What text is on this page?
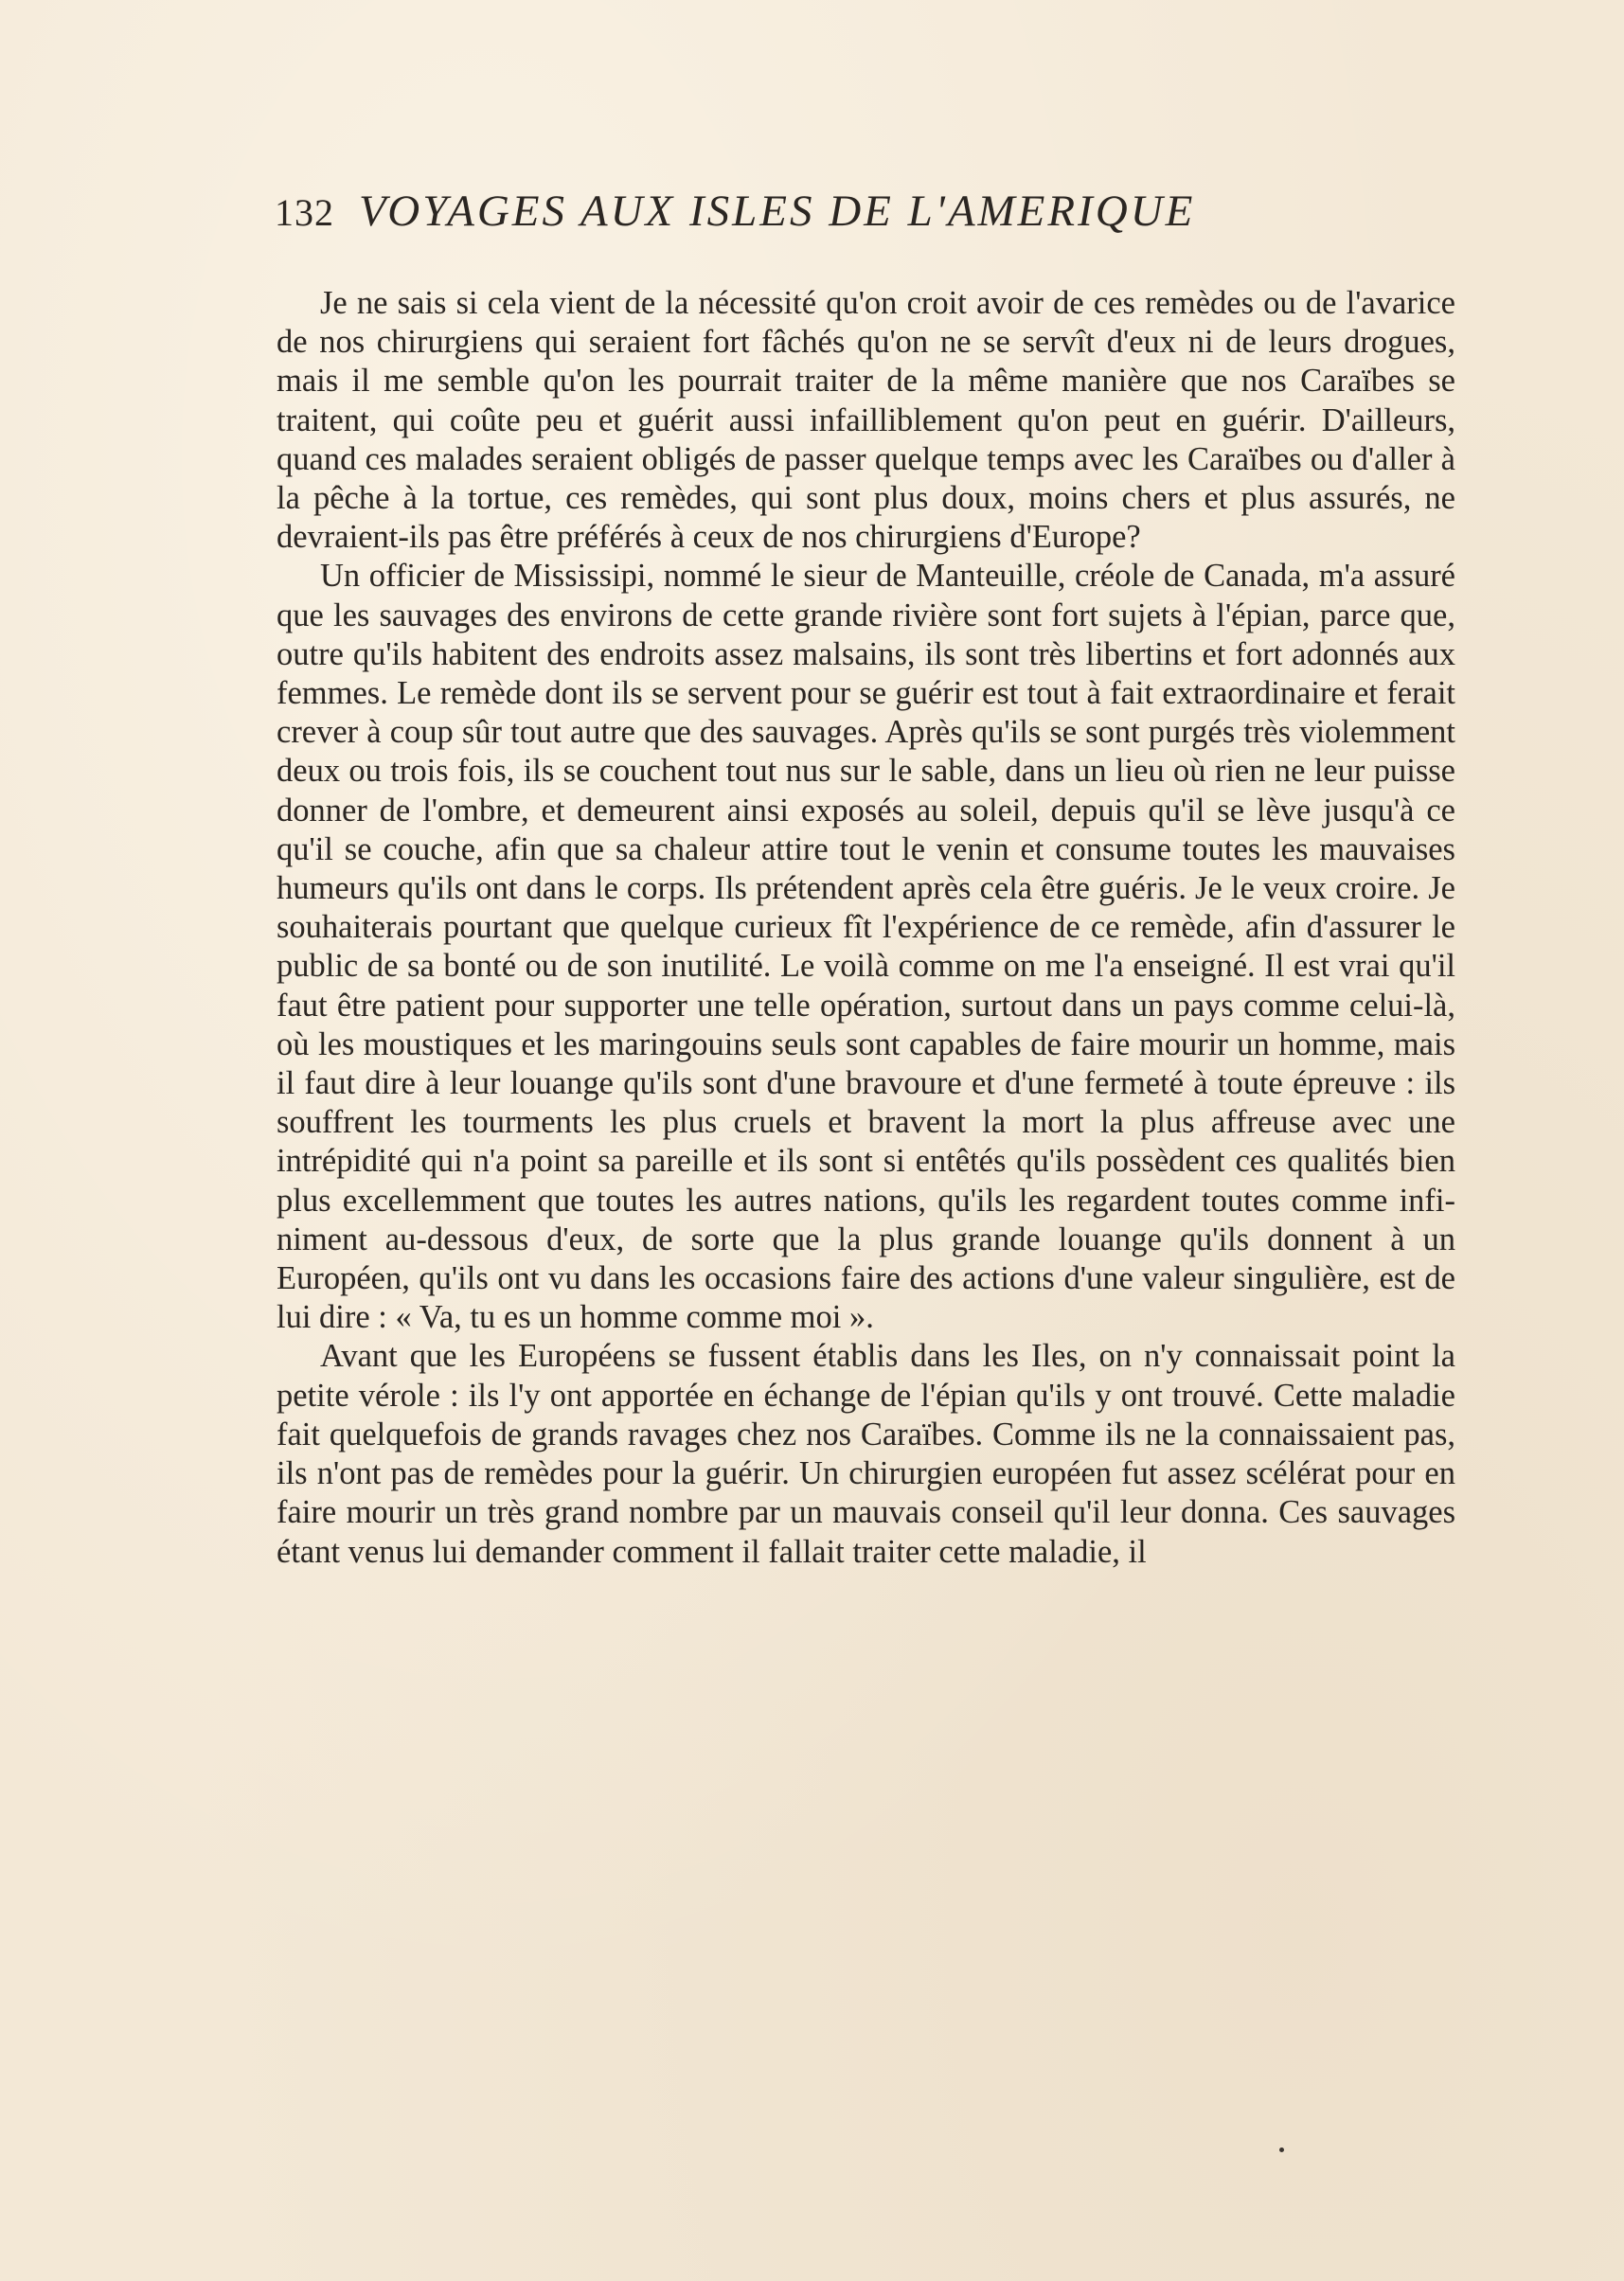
132 VOYAGES AUX ISLES DE L'AMERIQUE

Je ne sais si cela vient de la nécessité qu'on croit avoir de ces remèdes ou de l'avarice de nos chirurgiens qui seraient fort fâchés qu'on ne se servît d'eux ni de leurs drogues, mais il me semble qu'on les pourrait traiter de la même manière que nos Caraïbes se traitent, qui coûte peu et guérit aussi infailliblement qu'on peut en guérir. D'ailleurs, quand ces malades seraient obligés de passer quelque temps avec les Caraïbes ou d'aller à la pêche à la tortue, ces remèdes, qui sont plus doux, moins chers et plus assurés, ne devraient-ils pas être préférés à ceux de nos chirurgiens d'Europe?

Un officier de Mississipi, nommé le sieur de Manteuille, créole de Canada, m'a assuré que les sauvages des environs de cette grande rivière sont fort sujets à l'épian, parce que, outre qu'ils habitent des endroits assez malsains, ils sont très libertins et fort adonnés aux femmes. Le remède dont ils se servent pour se guérir est tout à fait extraordinaire et ferait crever à coup sûr tout autre que des sauvages. Après qu'ils se sont purgés très violemment deux ou trois fois, ils se couchent tout nus sur le sable, dans un lieu où rien ne leur puisse donner de l'ombre, et demeurent ainsi exposés au soleil, depuis qu'il se lève jusqu'à ce qu'il se couche, afin que sa chaleur attire tout le venin et consume toutes les mauvaises humeurs qu'ils ont dans le corps. Ils prétendent après cela être guéris. Je le veux croire. Je souhaiterais pourtant que quelque curieux fît l'expérience de ce remède, afin d'assurer le public de sa bonté ou de son inutilité. Le voilà comme on me l'a enseigné. Il est vrai qu'il faut être patient pour supporter une telle opération, surtout dans un pays comme celui-là, où les moustiques et les maringouins seuls sont capables de faire mourir un homme, mais il faut dire à leur louange qu'ils sont d'une bravoure et d'une fermeté à toute épreuve : ils souffrent les tourments les plus cruels et bravent la mort la plus affreuse avec une intrépidité qui n'a point sa pareille et ils sont si entêtés qu'ils possèdent ces qualités bien plus excellemment que toutes les autres nations, qu'ils les regardent toutes comme infiniment au-dessous d'eux, de sorte que la plus grande louange qu'ils donnent à un Européen, qu'ils ont vu dans les occasions faire des actions d'une valeur singulière, est de lui dire : « Va, tu es un homme comme moi ».

Avant que les Européens se fussent établis dans les Iles, on n'y connaissait point la petite vérole : ils l'y ont apportée en échange de l'épian qu'ils y ont trouvé. Cette maladie fait quelquefois de grands ravages chez nos Caraïbes. Comme ils ne la connaissaient pas, ils n'ont pas de remèdes pour la guérir. Un chirurgien européen fut assez scélérat pour en faire mourir un très grand nombre par un mauvais conseil qu'il leur donna. Ces sauvages étant venus lui demander comment il fallait traiter cette maladie, il
